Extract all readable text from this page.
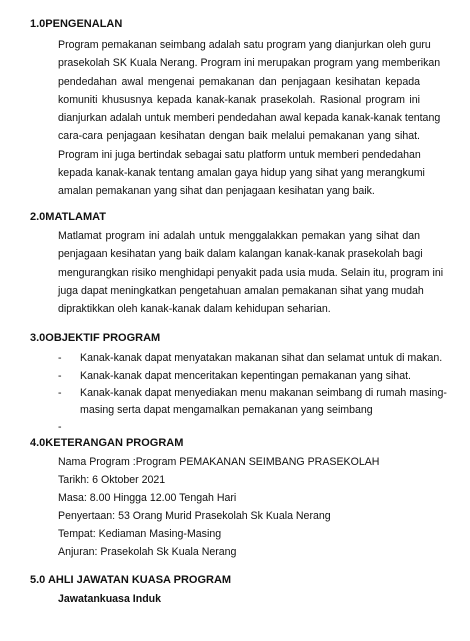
1.0PENGENALAN
Program pemakanan seimbang adalah satu program yang dianjurkan oleh guru
prasekolah SK Kuala Nerang. Program ini merupakan program yang memberikan
pendedahan awal mengenai pemakanan dan penjagaan kesihatan kepada
komuniti khususnya kepada kanak-kanak prasekolah. Rasional program ini
dianjurkan adalah untuk memberi pendedahan awal kepada kanak-kanak tentang
cara-cara penjagaan kesihatan dengan baik melalui pemakanan yang sihat.
Program ini juga bertindak sebagai satu platform untuk memberi pendedahan
kepada kanak-kanak tentang amalan gaya hidup yang sihat yang merangkumi
amalan pemakanan yang sihat dan penjagaan kesihatan yang baik.
2.0MATLAMAT
Matlamat program ini adalah untuk menggalakkan pemakan yang sihat dan
penjagaan kesihatan yang baik dalam kalangan kanak-kanak prasekolah bagi
mengurangkan risiko menghidapi penyakit pada usia muda. Selain itu, program ini
juga dapat meningkatkan pengetahuan amalan pemakanan sihat yang mudah
dipraktikkan oleh kanak-kanak dalam kehidupan seharian.
3.0OBJEKTIF PROGRAM
- Kanak-kanak dapat menyatakan makanan sihat dan selamat untuk di makan.
- Kanak-kanak dapat menceritakan kepentingan pemakanan yang sihat.
- Kanak-kanak dapat menyediakan menu makanan seimbang di rumah masing-
masing serta dapat mengamalkan pemakanan yang seimbang
-
4.0KETERANGAN PROGRAM
Nama Program :Program PEMAKANAN SEIMBANG PRASEKOLAH
Tarikh: 6 Oktober 2021
Masa: 8.00 Hingga 12.00 Tengah Hari
Penyertaan: 53 Orang Murid Prasekolah Sk Kuala Nerang
Tempat: Kediaman Masing-Masing
Anjuran: Prasekolah Sk Kuala Nerang
5.0 AHLI JAWATAN KUASA PROGRAM
Jawatankuasa Induk
